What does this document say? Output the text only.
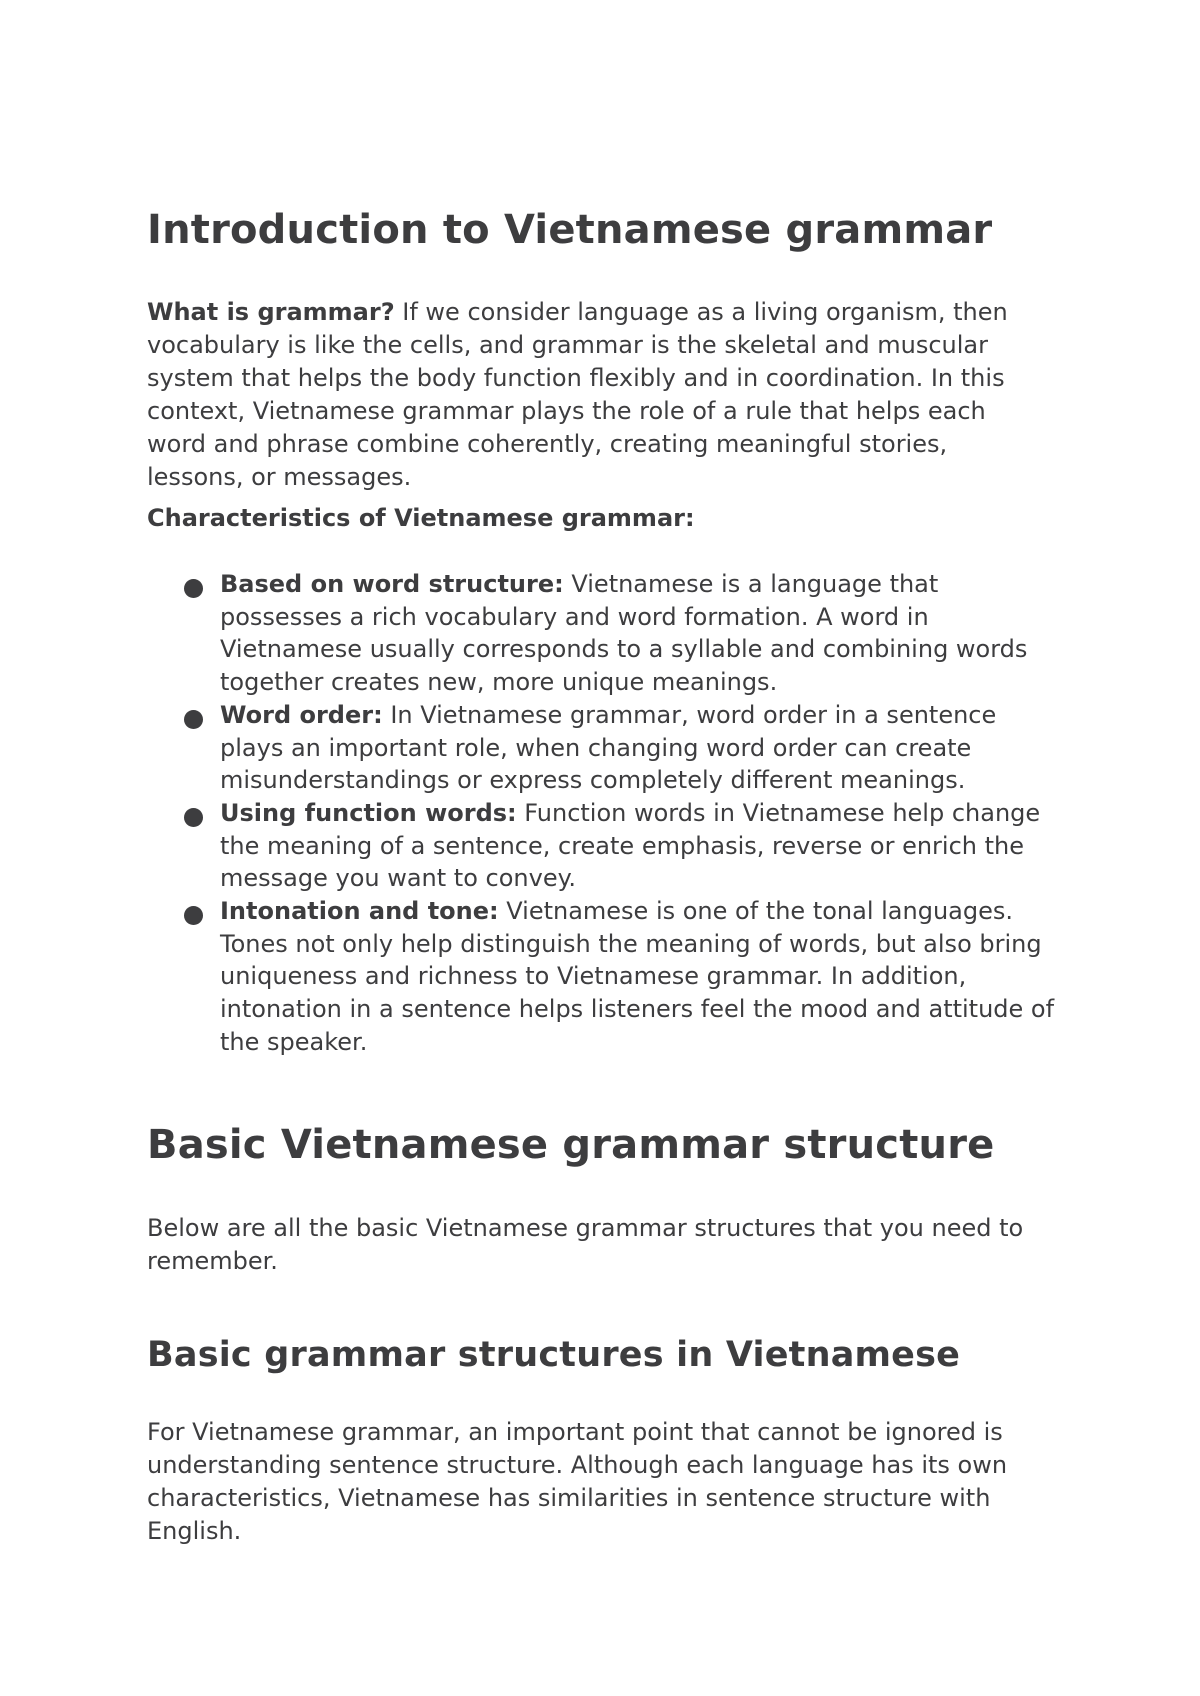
Introduction to Vietnamese grammar

What is grammar? If we consider language as a living organism, then vocabulary is like the cells, and grammar is the skeletal and muscular system that helps the body function flexibly and in coordination. In this context, Vietnamese grammar plays the role of a rule that helps each word and phrase combine coherently, creating meaningful stories, lessons, or messages.

Characteristics of Vietnamese grammar:

Based on word structure: Vietnamese is a language that possesses a rich vocabulary and word formation. A word in Vietnamese usually corresponds to a syllable and combining words together creates new, more unique meanings.
Word order: In Vietnamese grammar, word order in a sentence plays an important role, when changing word order can create misunderstandings or express completely different meanings.
Using function words: Function words in Vietnamese help change the meaning of a sentence, create emphasis, reverse or enrich the message you want to convey.
Intonation and tone: Vietnamese is one of the tonal languages. Tones not only help distinguish the meaning of words, but also bring uniqueness and richness to Vietnamese grammar. In addition, intonation in a sentence helps listeners feel the mood and attitude of the speaker.
Basic Vietnamese grammar structure

Below are all the basic Vietnamese grammar structures that you need to remember.

Basic grammar structures in Vietnamese

For Vietnamese grammar, an important point that cannot be ignored is understanding sentence structure. Although each language has its own characteristics, Vietnamese has similarities in sentence structure with English.
